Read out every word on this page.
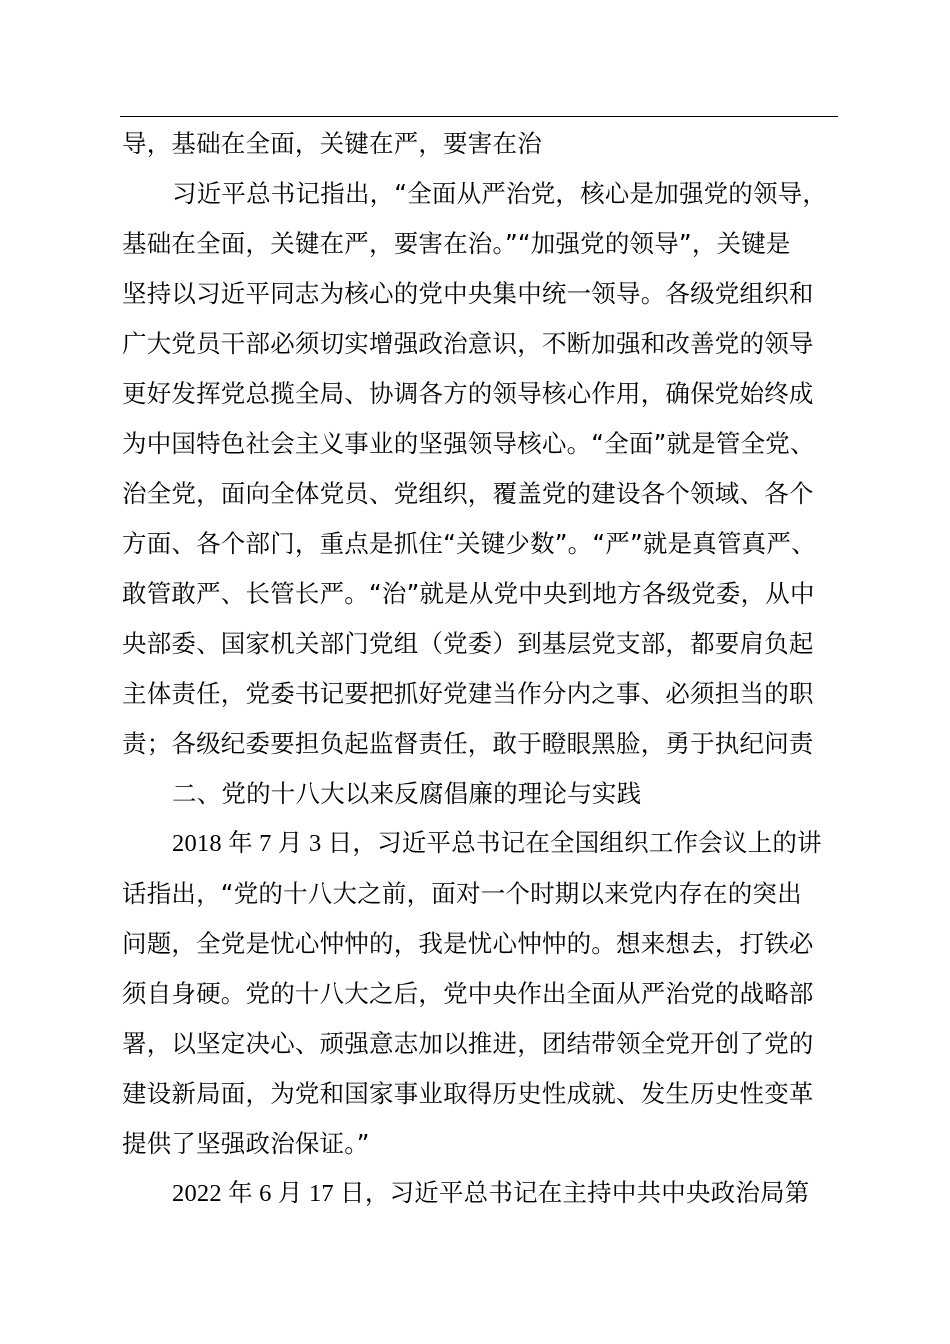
导，基础在全面，关键在严，要害在治
习近平总书记指出，“全面从严治党，核心是加强党的领导，
基础在全面，关键在严，要害在治。”“加强党的领导”，关键是
坚持以习近平同志为核心的党中央集中统一领导。各级党组织和
广大党员干部必须切实增强政治意识，不断加强和改善党的领导
更好发挥党总揽全局、协调各方的领导核心作用，确保党始终成
为中国特色社会主义事业的坚强领导核心。“全面”就是管全党、
治全党，面向全体党员、党组织，覆盖党的建设各个领域、各个
方面、各个部门，重点是抓住“关键少数”。“严”就是真管真严、
敢管敢严、长管长严。“治”就是从党中央到地方各级党委，从中
央部委、国家机关部门党组（党委）到基层党支部，都要肩负起
主体责任，党委书记要把抓好党建当作分内之事、必须担当的职
责；各级纪委要担负起监督责任，敢于瞪眼黑脸，勇于执纪问责
二、党的十八大以来反腐倡廉的理论与实践
2018 年 7 月 3 日，习近平总书记在全国组织工作会议上的讲
话指出，“党的十八大之前，面对一个时期以来党内存在的突出
问题，全党是忧心忡忡的，我是忧心忡忡的。想来想去，打铁必
须自身硬。党的十八大之后，党中央作出全面从严治党的战略部
署，以坚定决心、顽强意志加以推进，团结带领全党开创了党的
建设新局面，为党和国家事业取得历史性成就、发生历史性变革
提供了坚强政治保证。”
2022 年 6 月 17 日，习近平总书记在主持中共中央政治局第
